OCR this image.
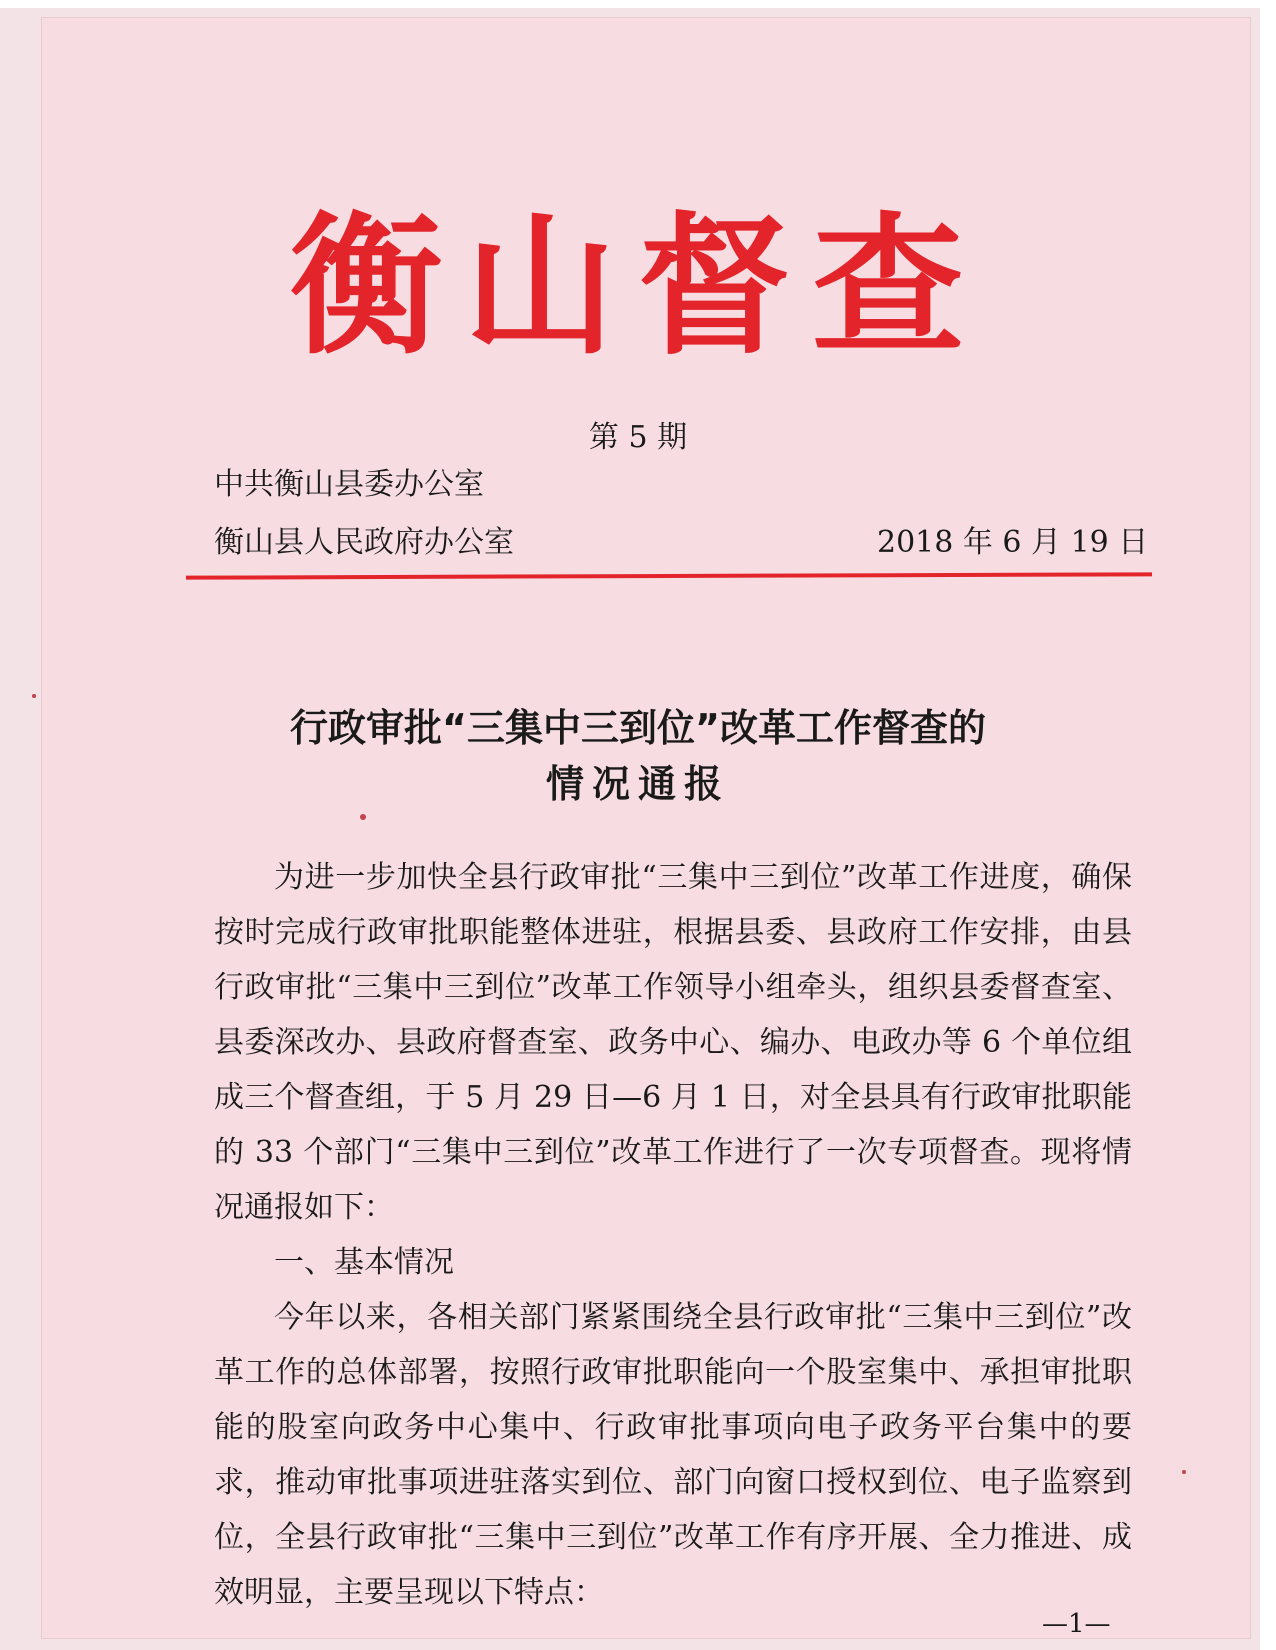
衡山督查
第 5 期
中共衡山县委办公室
衡山县人民政府办公室	2018 年 6 月 19 日
行政审批“三集中三到位”改革工作督查的
情况通报

为进一步加快全县行政审批“三集中三到位”改革工作进度，确保按时完成行政审批职能整体进驻，根据县委、县政府工作安排，由县行政审批“三集中三到位”改革工作领导小组牵头，组织县委督查室、县委深改办、县政府督查室、政务中心、编办、电政办等 6 个单位组成三个督查组，于 5 月 29 日—6 月 1 日，对全县具有行政审批职能的 33 个部门“三集中三到位”改革工作进行了一次专项督查。现将情况通报如下：

一、基本情况

今年以来，各相关部门紧紧围绕全县行政审批“三集中三到位”改革工作的总体部署，按照行政审批职能向一个股室集中、承担审批职能的股室向政务中心集中、行政审批事项向电子政务平台集中的要求，推动审批事项进驻落实到位、部门向窗口授权到位、电子监察到位，全县行政审批“三集中三到位”改革工作有序开展、全力推进、成效明显，主要呈现以下特点：

—1—
